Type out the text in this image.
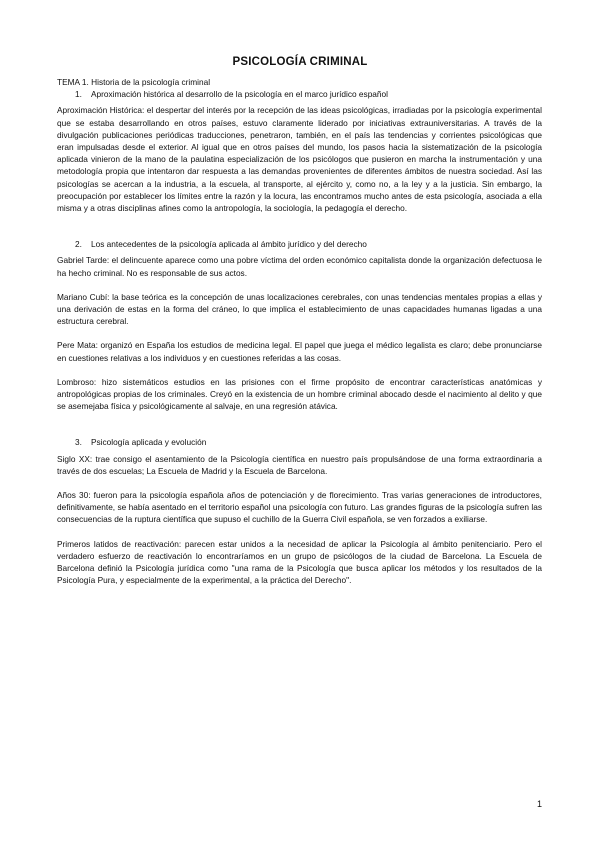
PSICOLOGÍA CRIMINAL
TEMA 1. Historia de la psicología criminal
1. Aproximación histórica al desarrollo de la psicología en el marco jurídico español

Aproximación Histórica: el despertar del interés por la recepción de las ideas psicológicas, irradiadas por la psicología experimental que se estaba desarrollando en otros países, estuvo claramente liderado por iniciativas extrauniversitarias. A través de la divulgación publicaciones periódicas traducciones, penetraron, también, en el país las tendencias y corrientes psicológicas que eran impulsadas desde el exterior. Al igual que en otros países del mundo, los pasos hacia la sistematización de la psicología aplicada vinieron de la mano de la paulatina especialización de los psicólogos que pusieron en marcha la instrumentación y una metodología propia que intentaron dar respuesta a las demandas provenientes de diferentes ámbitos de nuestra sociedad. Así las psicologías se acercan a la industria, a la escuela, al transporte, al ejército y, como no, a la ley y a la justicia. Sin embargo, la preocupación por establecer los límites entre la razón y la locura, las encontramos mucho antes de esta psicología, asociada a ella misma y a otras disciplinas afines como la antropología, la sociología, la pedagogía el derecho.

2. Los antecedentes de la psicología aplicada al ámbito jurídico y del derecho

Gabriel Tarde: el delincuente aparece como una pobre víctima del orden económico capitalista donde la organización defectuosa le ha hecho criminal. No es responsable de sus actos.

Mariano Cubí: la base teórica es la concepción de unas localizaciones cerebrales, con unas tendencias mentales propias a ellas y una derivación de estas en la forma del cráneo, lo que implica el establecimiento de unas capacidades humanas ligadas a una estructura cerebral.

Pere Mata: organizó en España los estudios de medicina legal. El papel que juega el médico legalista es claro; debe pronunciarse en cuestiones relativas a los individuos y en cuestiones referidas a las cosas.

Lombroso: hizo sistemáticos estudios en las prisiones con el firme propósito de encontrar características anatómicas y antropológicas propias de los criminales. Creyó en la existencia de un hombre criminal abocado desde el nacimiento al delito y que se asemejaba física y psicológicamente al salvaje, en una regresión atávica.

3. Psicología aplicada y evolución

Siglo XX: trae consigo el asentamiento de la Psicología científica en nuestro país propulsándose de una forma extraordinaria a través de dos escuelas; La Escuela de Madrid y la Escuela de Barcelona.

Años 30: fueron para la psicología española años de potenciación y de florecimiento. Tras varias generaciones de introductores, definitivamente, se había asentado en el territorio español una psicología con futuro. Las grandes figuras de la psicología sufren las consecuencias de la ruptura científica que supuso el cuchillo de la Guerra Civil española, se ven forzados a exiliarse.

Primeros latidos de reactivación: parecen estar unidos a la necesidad de aplicar la Psicología al ámbito penitenciario. Pero el verdadero esfuerzo de reactivación lo encontraríamos en un grupo de psicólogos de la ciudad de Barcelona. La Escuela de Barcelona definió la Psicología jurídica como "una rama de la Psicología que busca aplicar los métodos y los resultados de la Psicología Pura, y especialmente de la experimental, a la práctica del Derecho".

1
